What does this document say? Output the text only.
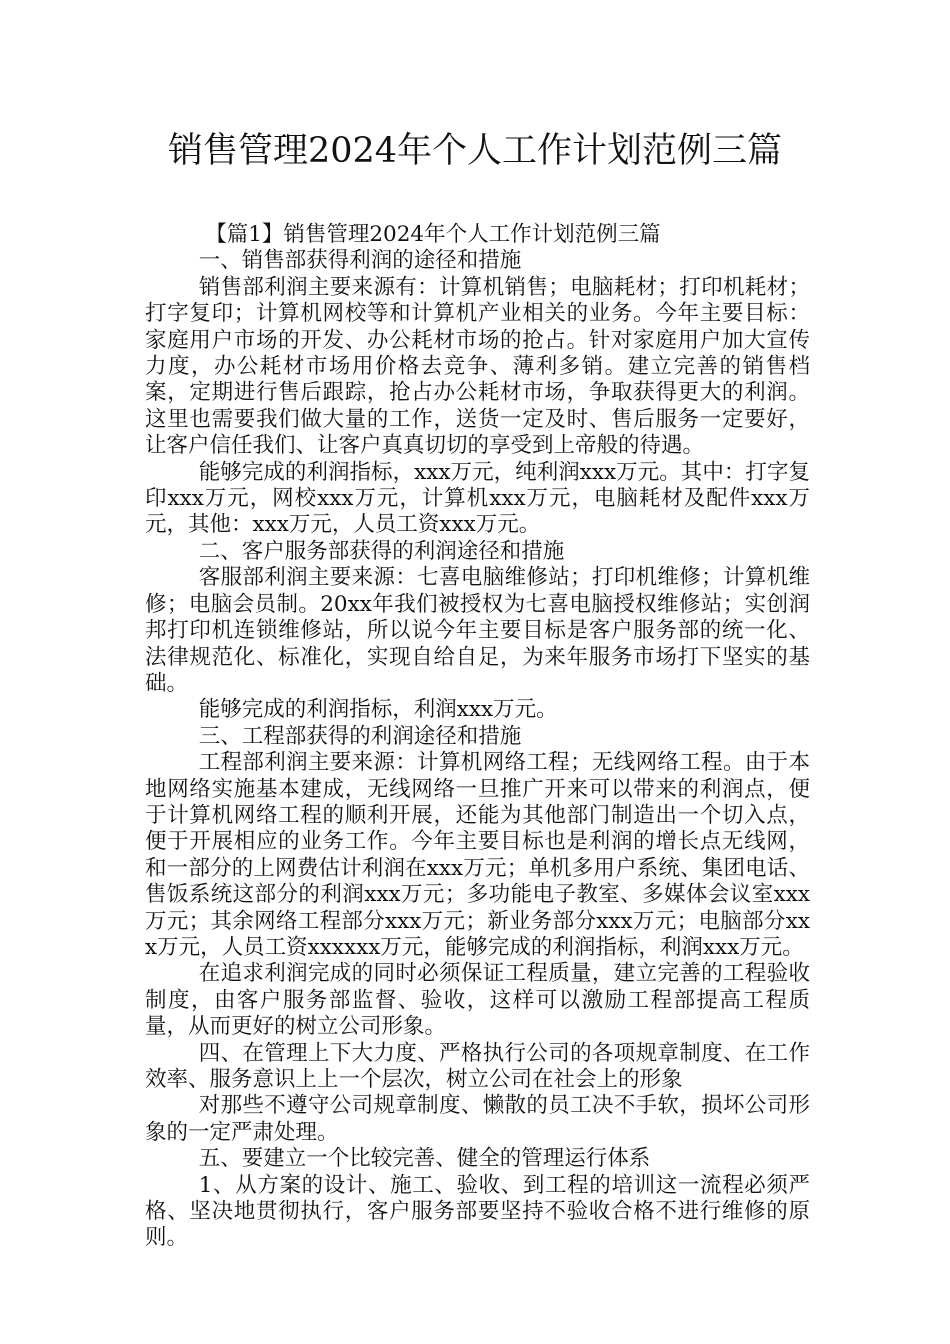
销售管理2024年个人工作计划范例三篇

【篇1】销售管理2024年个人工作计划范例三篇

一、销售部获得利润的途径和措施

销售部利润主要来源有：计算机销售；电脑耗材；打印机耗材；打字复印；计算机网校等和计算机产业相关的业务。今年主要目标：家庭用户市场的开发、办公耗材市场的抢占。针对家庭用户加大宣传力度，办公耗材市场用价格去竞争、薄利多销。建立完善的销售档案，定期进行售后跟踪，抢占办公耗材市场，争取获得更大的利润。这里也需要我们做大量的工作，送货一定及时、售后服务一定要好，让客户信任我们、让客户真真切切的享受到上帝般的待遇。

能够完成的利润指标，xxx万元，纯利润xxx万元。其中：打字复印xxx万元，网校xxx万元，计算机xxx万元，电脑耗材及配件xxx万元，其他：xxx万元，人员工资xxx万元。

二、客户服务部获得的利润途径和措施

客服部利润主要来源：七喜电脑维修站；打印机维修；计算机维修；电脑会员制。20xx年我们被授权为七喜电脑授权维修站；实创润邦打印机连锁维修站，所以说今年主要目标是客户服务部的统一化、法律规范化、标准化，实现自给自足，为来年服务市场打下坚实的基础。

能够完成的利润指标，利润xxx万元。

三、工程部获得的利润途径和措施

工程部利润主要来源：计算机网络工程；无线网络工程。由于本地网络实施基本建成，无线网络一旦推广开来可以带来的利润点，便于计算机网络工程的顺利开展，还能为其他部门制造出一个切入点，便于开展相应的业务工作。今年主要目标也是利润的增长点无线网，和一部分的上网费估计利润在xxx万元；单机多用户系统、集团电话、售饭系统这部分的利润xxx万元；多功能电子教室、多媒体会议室xxx万元；其余网络工程部分xxx万元；新业务部分xxx万元；电脑部分xxx万元，人员工资xxxxxx万元，能够完成的利润指标，利润xxx万元。

在追求利润完成的同时必须保证工程质量，建立完善的工程验收制度，由客户服务部监督、验收，这样可以激励工程部提高工程质量，从而更好的树立公司形象。

四、在管理上下大力度、严格执行公司的各项规章制度、在工作效率、服务意识上上一个层次，树立公司在社会上的形象

对那些不遵守公司规章制度、懒散的员工决不手软，损坏公司形象的一定严肃处理。

五、要建立一个比较完善、健全的管理运行体系

1、从方案的设计、施工、验收、到工程的培训这一流程必须严格、坚决地贯彻执行，客户服务部要坚持不验收合格不进行维修的原则。
